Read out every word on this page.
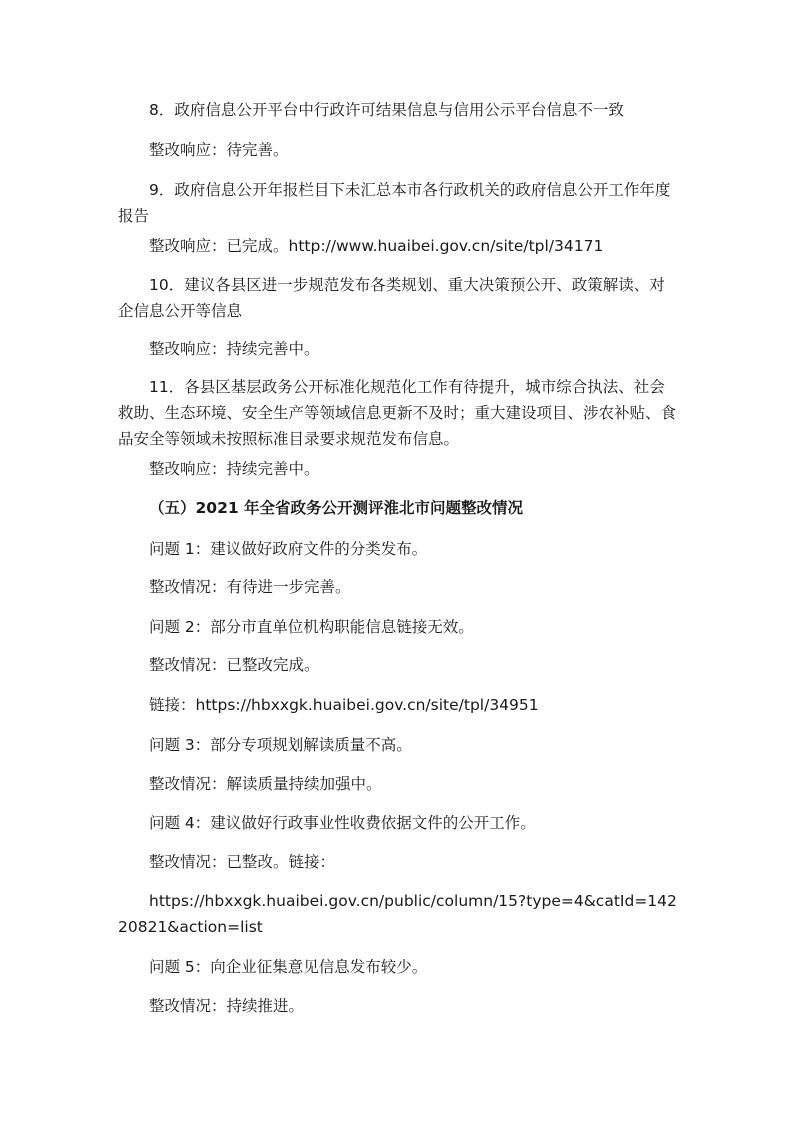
8．政府信息公开平台中行政许可结果信息与信用公示平台信息不一致

整改响应：待完善。

9．政府信息公开年报栏目下未汇总本市各行政机关的政府信息公开工作年度报告

整改响应：已完成。http://www.huaibei.gov.cn/site/tpl/34171

10．建议各县区进一步规范发布各类规划、重大决策预公开、政策解读、对企信息公开等信息

整改响应：持续完善中。

11．各县区基层政务公开标准化规范化工作有待提升，城市综合执法、社会救助、生态环境、安全生产等领域信息更新不及时；重大建设项目、涉农补贴、食品安全等领域未按照标准目录要求规范发布信息。

整改响应：持续完善中。

（五）2021 年全省政务公开测评淮北市问题整改情况

问题 1：建议做好政府文件的分类发布。

整改情况：有待进一步完善。

问题 2：部分市直单位机构职能信息链接无效。

整改情况：已整改完成。

链接：https://hbxxgk.huaibei.gov.cn/site/tpl/34951

问题 3：部分专项规划解读质量不高。

整改情况：解读质量持续加强中。

问题 4：建议做好行政事业性收费依据文件的公开工作。

整改情况：已整改。链接：

https://hbxxgk.huaibei.gov.cn/public/column/15?type=4&catId=14220821&action=list

问题 5：向企业征集意见信息发布较少。

整改情况：持续推进。
